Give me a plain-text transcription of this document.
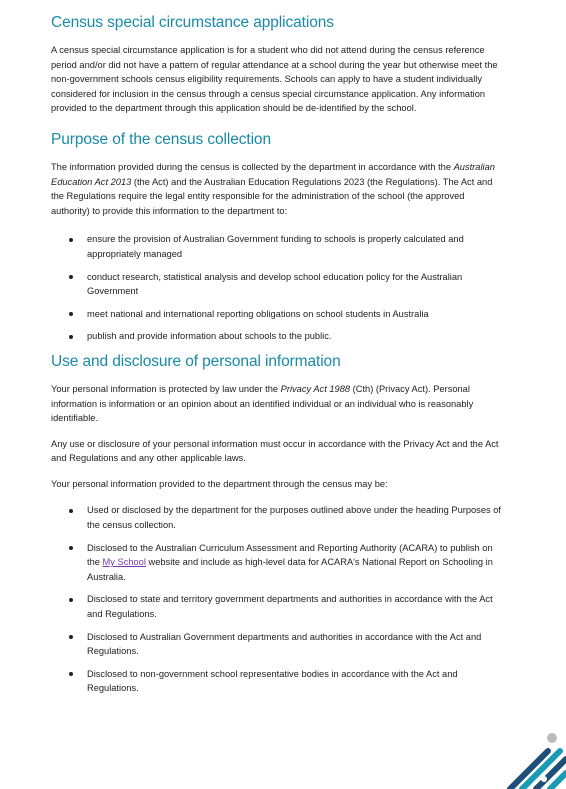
Census special circumstance applications

A census special circumstance application is for a student who did not attend during the census reference period and/or did not have a pattern of regular attendance at a school during the year but otherwise meet the non-government schools census eligibility requirements. Schools can apply to have a student individually considered for inclusion in the census through a census special circumstance application. Any information provided to the department through this application should be de-identified by the school.

Purpose of the census collection

The information provided during the census is collected by the department in accordance with the Australian Education Act 2013 (the Act) and the Australian Education Regulations 2023 (the Regulations). The Act and the Regulations require the legal entity responsible for the administration of the school (the approved authority) to provide this information to the department to:

ensure the provision of Australian Government funding to schools is properly calculated and appropriately managed
conduct research, statistical analysis and develop school education policy for the Australian Government
meet national and international reporting obligations on school students in Australia
publish and provide information about schools to the public.
Use and disclosure of personal information

Your personal information is protected by law under the Privacy Act 1988 (Cth) (Privacy Act). Personal information is information or an opinion about an identified individual or an individual who is reasonably identifiable.

Any use or disclosure of your personal information must occur in accordance with the Privacy Act and the Act and Regulations and any other applicable laws.

Your personal information provided to the department through the census may be:

Used or disclosed by the department for the purposes outlined above under the heading Purposes of the census collection.
Disclosed to the Australian Curriculum Assessment and Reporting Authority (ACARA) to publish on the My School website and include as high-level data for ACARA's National Report on Schooling in Australia.
Disclosed to state and territory government departments and authorities in accordance with the Act and Regulations.
Disclosed to Australian Government departments and authorities in accordance with the Act and Regulations.
Disclosed to non-government school representative bodies in accordance with the Act and Regulations.
